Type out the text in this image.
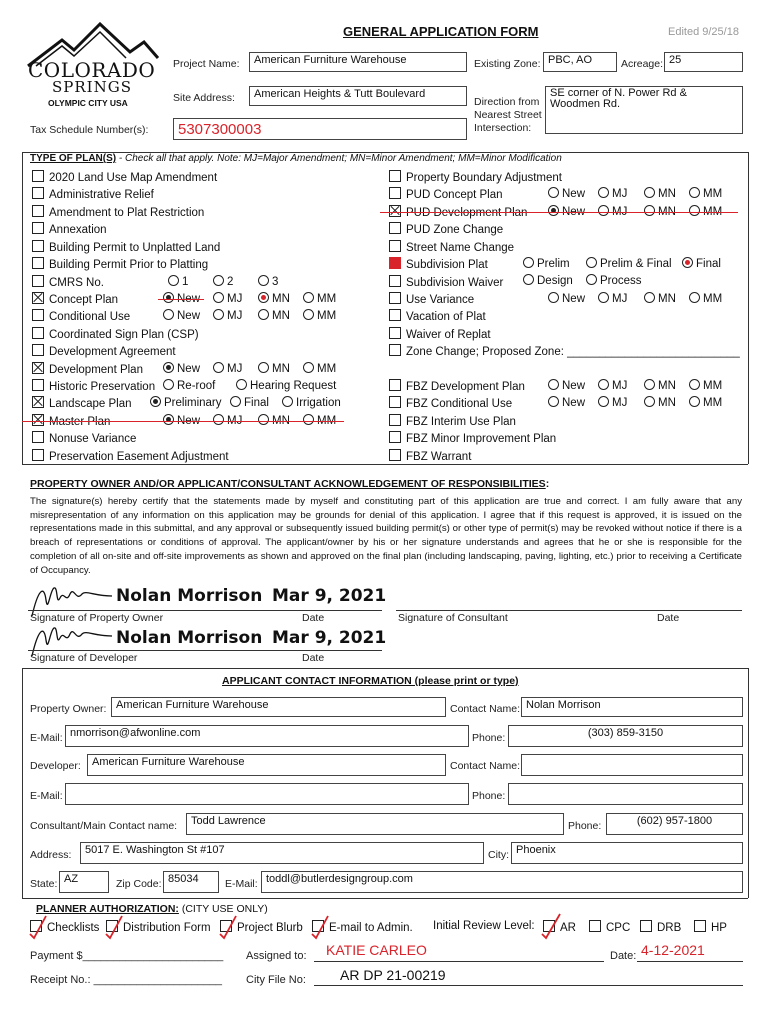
COLORADO
SPRINGS
OLYMPIC CITY USA
GENERAL APPLICATION FORM	Edited 9/25/18
Project Name:	American Furniture Warehouse	Existing Zone: PBC, AO	Acreage: 25
Site Address:	American Heights & Tutt Boulevard
Direction from
Nearest Street
Intersection:
SE corner of N. Power Rd & Woodmen Rd.
Tax Schedule Number(s):	5307300003
TYPE OF PLAN(S) - Check all that apply. Note: MJ=Major Amendment; MN=Minor Amendment; MM=Minor Modification
2020 Land Use Map Amendment
Administrative Relief
Amendment to Plat Restriction
Annexation
Building Permit to Unplatted Land
Building Permit Prior to Platting
CMRS No.
Concept Plan
Conditional Use
Coordinated Sign Plan (CSP)
Development Agreement
Development Plan
Historic Preservation
Landscape Plan
Master Plan
Nonuse Variance
Preservation Easement Adjustment
Property Boundary Adjustment
PUD Concept Plan
PUD Development Plan
PUD Zone Change
Street Name Change
Subdivision Plat
Subdivision Waiver
Use Variance
Vacation of Plat
Waiver of Replat
Zone Change; Proposed Zone: ___________________________
FBZ Development Plan
FBZ Conditional Use
FBZ Interim Use Plan
FBZ Minor Improvement Plan
FBZ Warrant
1	2	3
New	MJ	MN	MM
New	MJ	MN	MM
New	MJ	MN	MM
Re-roof	Hearing Request
Preliminary	Final	Irrigation
New	MJ	MN	MM
New	MJ	MN	MM
New	MJ	MN	MM
Prelim	Prelim & Final	Final
Design	Process
New	MJ	MN	MM
New	MJ	MN	MM
New	MJ	MN	MM
PROPERTY OWNER AND/OR APPLICANT/CONSULTANT ACKNOWLEDGEMENT OF RESPONSIBILITIES:
The signature(s) hereby certify that the statements made by myself and constituting part of this application are true and correct. I am fully aware that any misrepresentation of any information on this application may be grounds for denial of this application. I agree that if this request is approved, it is issued on the representations made in this submittal, and any approval or subsequently issued building permit(s) or other type of permit(s) may be revoked without notice if there is a breach of representations or conditions of approval. The applicant/owner by his or her signature understands and agrees that he or she is responsible for the completion of all on-site and off-site improvements as shown and approved on the final plan (including landscaping, paving, lighting, etc.) prior to receiving a Certificate of Occupancy.
Nolan Morrison Mar 9, 2021
Signature of Property Owner	Date	Signature of Consultant	Date
Nolan Morrison Mar 9, 2021
Signature of Developer	Date
APPLICANT CONTACT INFORMATION (please print or type)
Property Owner: American Furniture Warehouse	Contact Name: Nolan Morrison
E-Mail: nmorrison@afwonline.com	Phone:	(303) 859-3150
Developer:	American Furniture Warehouse	Contact Name:
E-Mail:	Phone:
Consultant/Main Contact name:	Todd Lawrence	Phone:	(602) 957-1800
Address:	5017 E. Washington St #107	City: Phoenix
State: AZ	Zip Code: 85034	E-Mail: toddl@butlerdesigngroup.com
PLANNER AUTHORIZATION: (CITY USE ONLY)
Checklists	Distribution Form	Project Blurb	E-mail to Admin. Initial Review Level:	AR	CPC	DRB	HP
Payment $_______________________ Assigned to: KATIE CARLEO	Date: 4-12-2021
Receipt No.: _____________________ City File No: AR DP 21-00219
